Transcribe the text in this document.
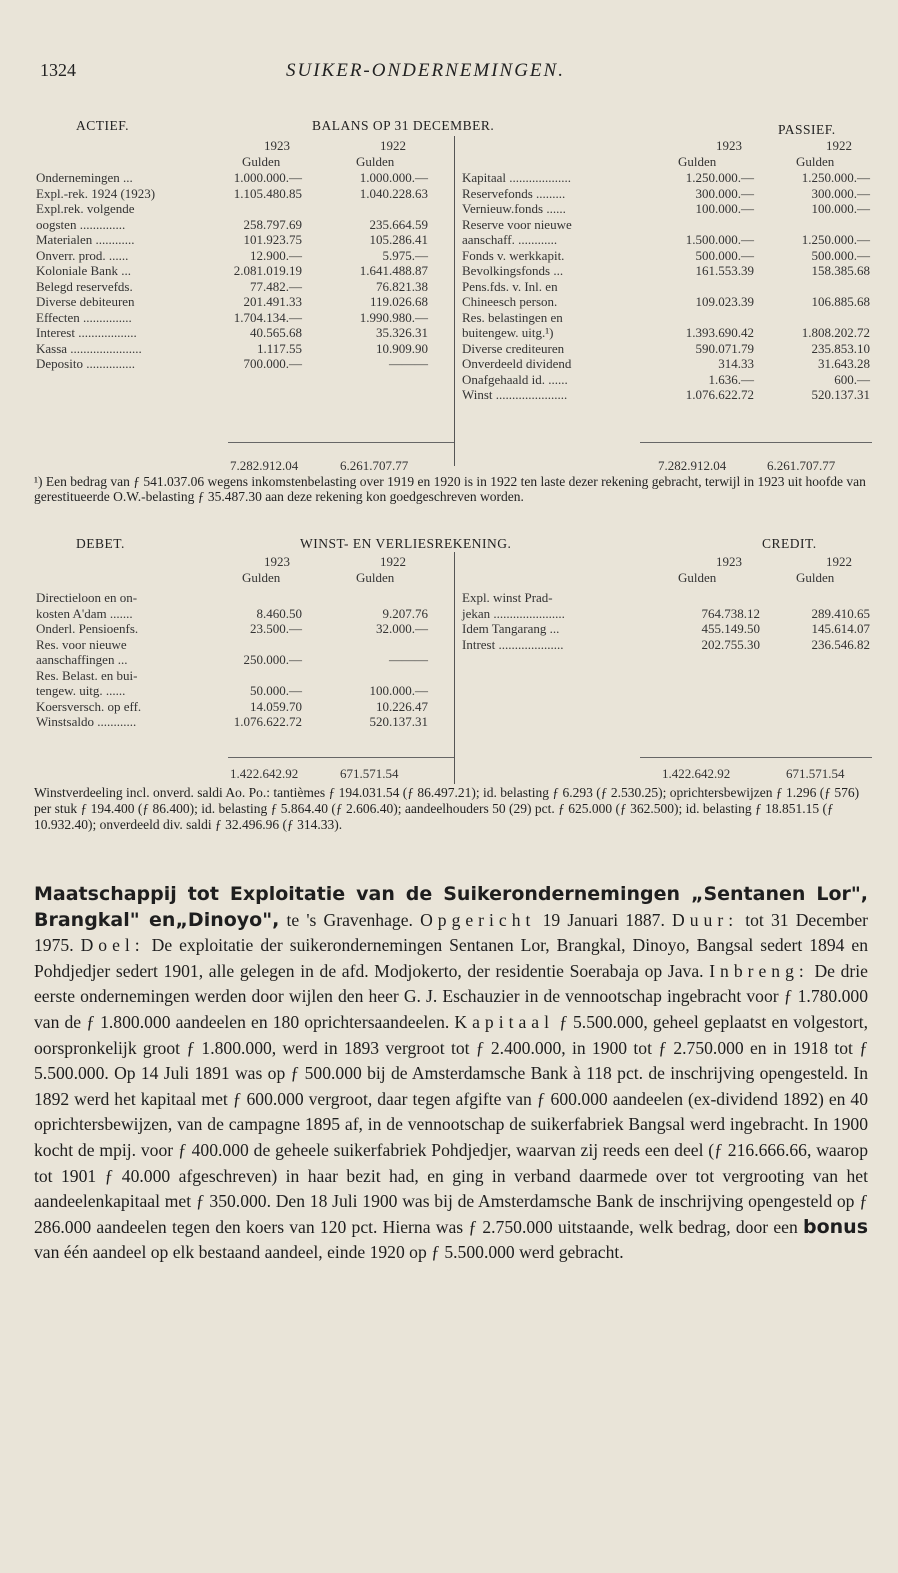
1324	SUIKER-ONDERNEMINGEN.
ACTIEF.	BALANS OP 31 DECEMBER.	PASSIEF.
1923	1922	1923	1922
Gulden	Gulden	Gulden	Gulden
Ondernemingen ...	1.000.000.—	1.000.000.—
Expl.-rek. 1924 (1923)	1.105.480.85	1.040.228.63
Expl.rek. volgende
oogsten ..............	258.797.69	235.664.59
Materialen ............	101.923.75	105.286.41
Onverr. prod. ......	12.900.—	5.975.—
Koloniale Bank ...	2.081.019.19	1.641.488.87
Belegd reservefds.	77.482.—	76.821.38
Diverse debiteuren	201.491.33	119.026.68
Effecten ...............	1.704.134.—	1.990.980.—
Interest ..................	40.565.68	35.326.31
Kassa ......................	1.117.55	10.909.90
Deposito ...............	700.000.—	———
Kapitaal ...................	1.250.000.—	1.250.000.—
Reservefonds .........	300.000.—	300.000.—
Vernieuw.fonds ......	100.000.—	100.000.—
Reserve voor nieuwe
aanschaff. ............	1.500.000.—	1.250.000.—
Fonds v. werkkapit.	500.000.—	500.000.—
Bevolkingsfonds ...	161.553.39	158.385.68
Pens.fds. v. Inl. en
Chineesch person.	109.023.39	106.885.68
Res. belastingen en
buitengew. uitg.¹)	1.393.690.42	1.808.202.72
Diverse crediteuren	590.071.79	235.853.10
Onverdeeld dividend	314.33	31.643.28
Onafgehaald id. ......	1.636.—	600.—
Winst ......................	1.076.622.72	520.137.31
7.282.912.04	6.261.707.77	7.282.912.04	6.261.707.77
¹) Een bedrag van ƒ 541.037.06 wegens inkomstenbelasting over 1919 en 1920 is in 1922 ten laste dezer rekening gebracht, terwijl in 1923 uit hoofde van gerestitueerde O.W.-belasting ƒ 35.487.30 aan deze rekening kon goedgeschreven worden.
DEBET.	WINST- EN VERLIESREKENING.	CREDIT.
1923	1922	1923	1922
Gulden	Gulden	Gulden	Gulden
Directieloon en on-
kosten A'dam .......	8.460.50	9.207.76
Onderl. Pensioenfs.	23.500.—	32.000.—
Res. voor nieuwe
aanschaffingen ...	250.000.—	———
Res. Belast. en bui-
tengew. uitg. ......	50.000.—	100.000.—
Koersversch. op eff.	14.059.70	10.226.47
Winstsaldo ............	1.076.622.72	520.137.31
Expl. winst Prad-
jekan ......................	764.738.12	289.410.65
Idem Tangarang ...	455.149.50	145.614.07
Intrest ....................	202.755.30	236.546.82
1.422.642.92	671.571.54	1.422.642.92	671.571.54
Winstverdeeling incl. onverd. saldi Ao. Po.: tantièmes ƒ 194.031.54 (ƒ 86.497.21); id. belasting ƒ 6.293 (ƒ 2.530.25); oprichtersbewijzen ƒ 1.296 (ƒ 576) per stuk ƒ 194.400 (ƒ 86.400); id. belasting ƒ 5.864.40 (ƒ 2.606.40); aandeelhouders 50 (29) pct. ƒ 625.000 (ƒ 362.500); id. belasting ƒ 18.851.15 (ƒ 10.932.40); onverdeeld div. saldi ƒ 32.496.96 (ƒ 314.33).
Maatschappij tot Exploitatie van de Suikerondernemingen „Sentanen Lor", Brangkal" en„Dinoyo", te 's Gravenhage. Opgericht 19 Januari 1887. Duur: tot 31 December 1975. Doel: De exploitatie der suikerondernemingen Sentanen Lor, Brangkal, Dinoyo, Bangsal sedert 1894 en Pohdjedjer sedert 1901, alle gelegen in de afd. Modjokerto, der residentie Soerabaja op Java. Inbreng: De drie eerste ondernemingen werden door wijlen den heer G. J. Eschauzier in de vennootschap ingebracht voor ƒ 1.780.000 van de ƒ 1.800.000 aandeelen en 180 oprichtersaandeelen. Kapitaal ƒ 5.500.000, geheel geplaatst en volgestort, oorspronkelijk groot ƒ 1.800.000, werd in 1893 vergroot tot ƒ 2.400.000, in 1900 tot ƒ 2.750.000 en in 1918 tot ƒ 5.500.000. Op 14 Juli 1891 was op ƒ 500.000 bij de Amsterdamsche Bank à 118 pct. de inschrijving opengesteld. In 1892 werd het kapitaal met ƒ 600.000 vergroot, daar tegen afgifte van ƒ 600.000 aandeelen (ex-dividend 1892) en 40 oprichtersbewijzen, van de campagne 1895 af, in de vennootschap de suikerfabriek Bangsal werd ingebracht. In 1900 kocht de mpij. voor ƒ 400.000 de geheele suikerfabriek Pohdjedjer, waarvan zij reeds een deel (ƒ 216.666.66, waarop tot 1901 ƒ 40.000 afgeschreven) in haar bezit had, en ging in verband daarmede over tot vergrooting van het aandeelenkapitaal met ƒ 350.000. Den 18 Juli 1900 was bij de Amsterdamsche Bank de inschrijving opengesteld op ƒ 286.000 aandeelen tegen den koers van 120 pct. Hierna was ƒ 2.750.000 uitstaande, welk bedrag, door een bonus van één aandeel op elk bestaand aandeel, einde 1920 op ƒ 5.500.000 werd gebracht.
